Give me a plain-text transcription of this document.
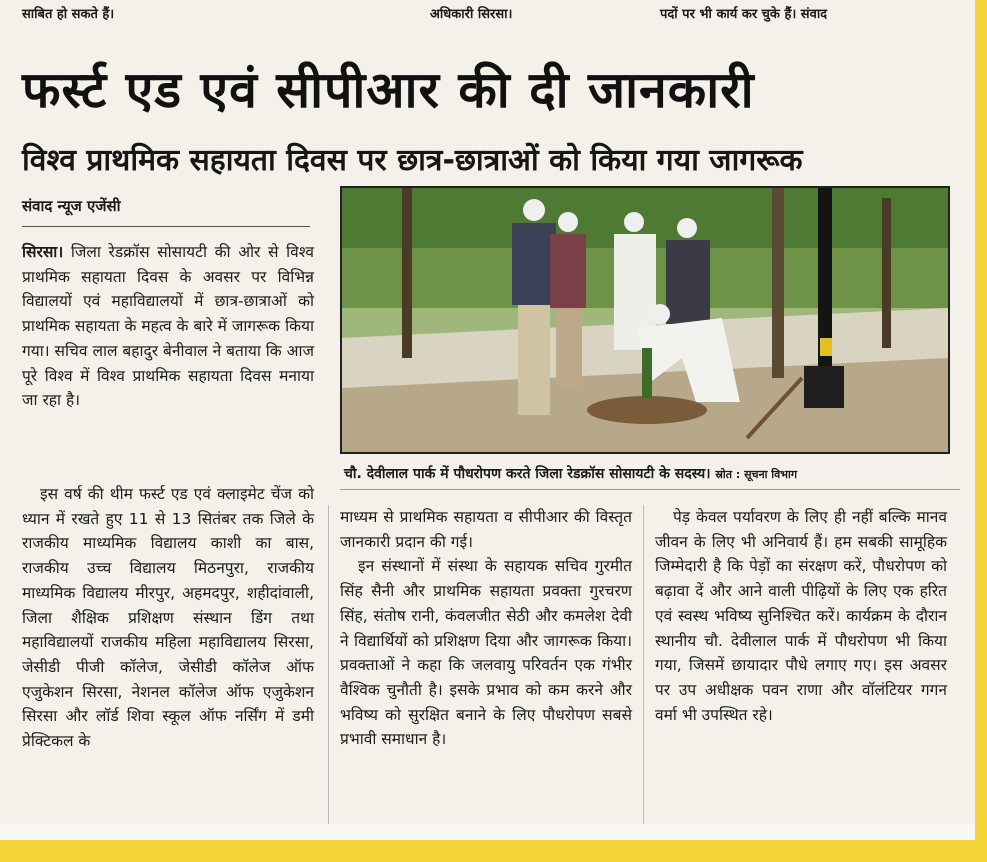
साबित हो सकते हैं।	अधिकारी सिरसा।	पदों पर भी कार्य कर चुके हैं। संवाद
फर्स्ट एड एवं सीपीआर की दी जानकारी
विश्व प्राथमिक सहायता दिवस पर छात्र-छात्राओं को किया गया जागरूक
संवाद न्यूज एजेंसी

सिरसा। जिला रेडक्रॉस सोसायटी की ओर से विश्व प्राथमिक सहायता दिवस के अवसर पर विभिन्न विद्यालयों एवं महाविद्यालयों में छात्र-छात्राओं को प्राथमिक सहायता के महत्व के बारे में जागरूक किया गया। सचिव लाल बहादुर बेनीवाल ने बताया कि आज पूरे विश्व में विश्व प्राथमिक सहायता दिवस मनाया जा रहा है।

इस वर्ष की थीम फर्स्ट एड एवं क्लाइमेट चेंज को ध्यान में रखते हुए 11 से 13 सितंबर तक जिले के राजकीय माध्यमिक विद्यालय काशी का बास, राजकीय उच्च विद्यालय मिठनपुरा, राजकीय माध्यमिक विद्यालय मीरपुर, अहमदपुर, शहीदांवाली, जिला शैक्षिक प्रशिक्षण संस्थान डिंग तथा महाविद्यालयों राजकीय महिला महाविद्यालय सिरसा, जेसीडी पीजी कॉलेज, जेसीडी कॉलेज ऑफ एजुकेशन सिरसा, नेशनल कॉलेज ऑफ एजुकेशन सिरसा और लॉर्ड शिवा स्कूल ऑफ नर्सिंग में डमी प्रेक्टिकल के

चौ. देवीलाल पार्क में पौधरोपण करते जिला रेडक्रॉस सोसायटी के सदस्य। स्रोत : सूचना विभाग

माध्यम से प्राथमिक सहायता व सीपीआर की विस्तृत जानकारी प्रदान की गई।

इन संस्थानों में संस्था के सहायक सचिव गुरमीत सिंह सैनी और प्राथमिक सहायता प्रवक्ता गुरचरण सिंह, संतोष रानी, कंवलजीत सेठी और कमलेश देवी ने विद्यार्थियों को प्रशिक्षण दिया और जागरूक किया। प्रवक्ताओं ने कहा कि जलवायु परिवर्तन एक गंभीर वैश्विक चुनौती है। इसके प्रभाव को कम करने और भविष्य को सुरक्षित बनाने के लिए पौधरोपण सबसे प्रभावी समाधान है।

पेड़ केवल पर्यावरण के लिए ही नहीं बल्कि मानव जीवन के लिए भी अनिवार्य हैं। हम सबकी सामूहिक जिम्मेदारी है कि पेड़ों का संरक्षण करें, पौधरोपण को बढ़ावा दें और आने वाली पीढ़ियों के लिए एक हरित एवं स्वस्थ भविष्य सुनिश्चित करें। कार्यक्रम के दौरान स्थानीय चौ. देवीलाल पार्क में पौधरोपण भी किया गया, जिसमें छायादार पौधे लगाए गए। इस अवसर पर उप अधीक्षक पवन राणा और वॉलंटियर गगन वर्मा भी उपस्थित रहे।
